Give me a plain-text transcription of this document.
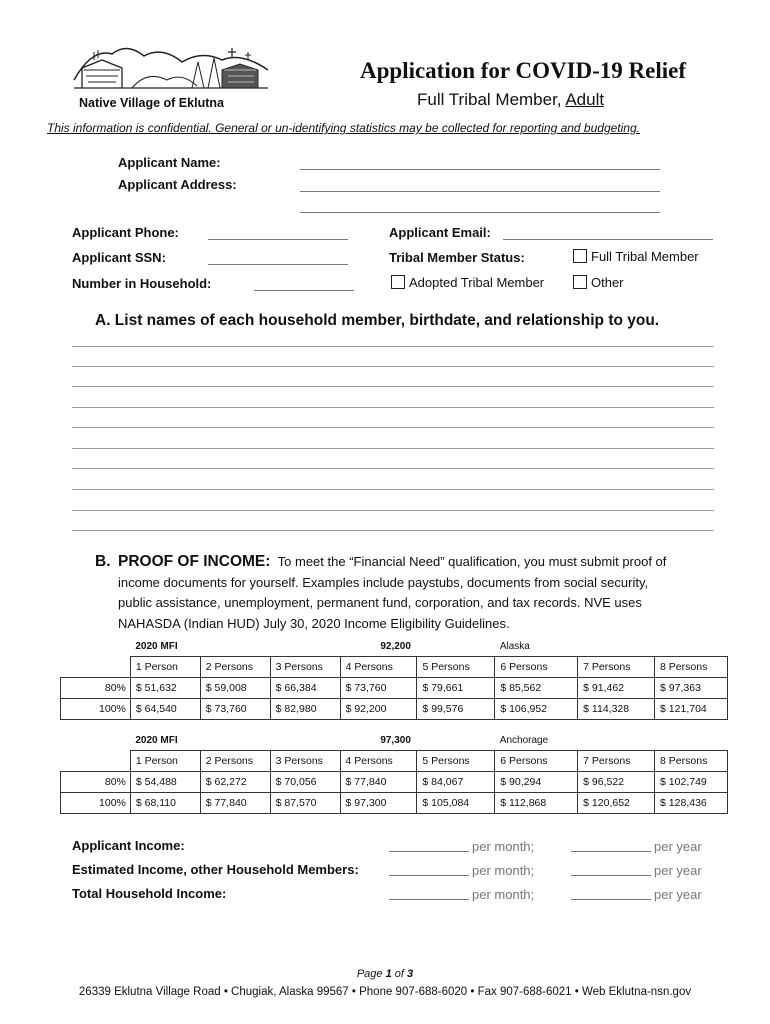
Native Village of Eklutna
Application for COVID-19 Relief
Full Tribal Member, Adult
This information is confidential. General or un-identifying statistics may be collected for reporting and budgeting.
Applicant Name:
Applicant Address:
Applicant Phone:	Applicant Email:
Applicant SSN:	Tribal Member Status:	Full Tribal Member
Number in Household:	Adopted Tribal Member	Other
A. List names of each household member, birthdate, and relationship to you.
B. PROOF OF INCOME: To meet the “Financial Need” qualification, you must submit proof of
income documents for yourself. Examples include paystubs, documents from social security,
public assistance, unemployment, permanent fund, corporation, and tax records. NVE uses
NAHASDA (Indian HUD) July 30, 2020 Income Eligibility Guidelines.
	2020 MFI			92,200		Alaska		
	1 Person	2 Persons	3 Persons	4 Persons	5 Persons	6 Persons	7 Persons	8 Persons
80%	$ 51,632	$ 59,008	$ 66,384	$ 73,760	$ 79,661	$ 85,562	$ 91,462	$ 97,363
100%	$ 64,540	$ 73,760	$ 82,980	$ 92,200	$ 99,576	$ 106,952	$ 114,328	$ 121,704
	2020 MFI			97,300		Anchorage		
	1 Person	2 Persons	3 Persons	4 Persons	5 Persons	6 Persons	7 Persons	8 Persons
80%	$ 54,488	$ 62,272	$ 70,056	$ 77,840	$ 84,067	$ 90,294	$ 96,522	$ 102,749
100%	$ 68,110	$ 77,840	$ 87,570	$ 97,300	$ 105,084	$ 112,868	$ 120,652	$ 128,436
Applicant Income:	per month;	per year
Estimated Income, other Household Members:	per month;	per year
Total Household Income:	per month;	per year
Page 1 of 3
26339 Eklutna Village Road • Chugiak, Alaska 99567 • Phone 907-688-6020 • Fax 907-688-6021 • Web Eklutna-nsn.gov
